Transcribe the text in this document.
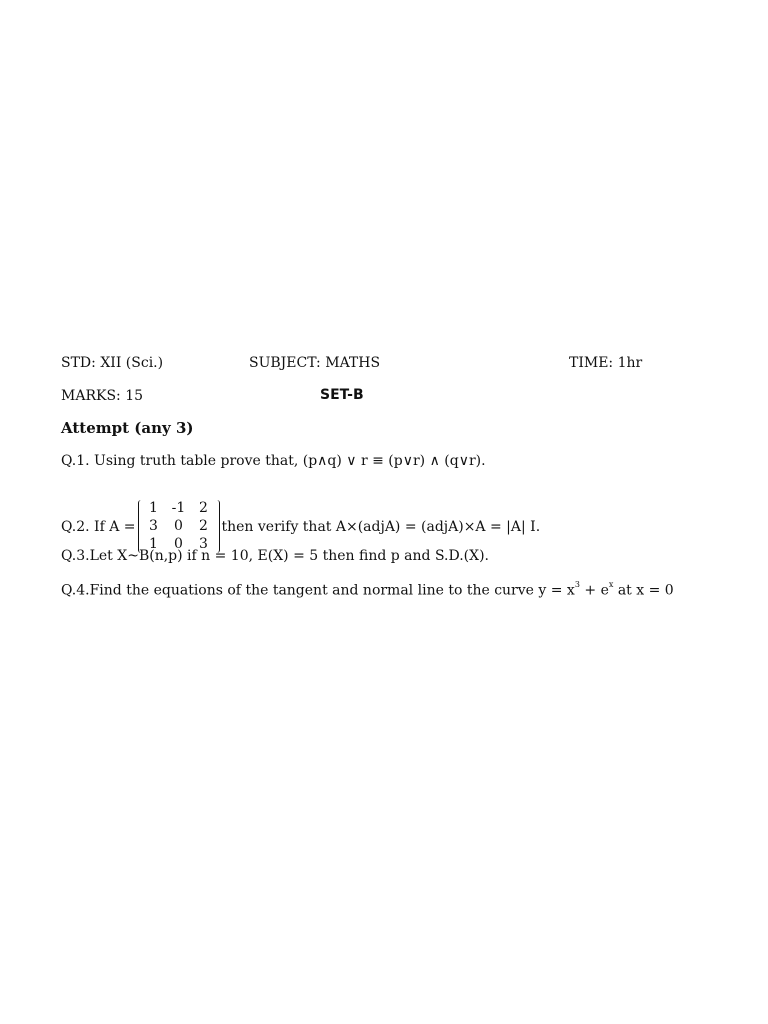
STD: XII (Sci.)	SUBJECT: MATHS	TIME: 1hr
MARKS: 15	SET-B
Attempt (any 3)
Q.1. Using truth table prove that, (p∧q) ∨ r ≡ (p∨r) ∧ (q∨r).
Q.2. If A =
1 -1 2
3	0	2
1	0	3
then verify that A×(adjA) = (adjA)×A = |A| I.
Q.3.Let X~B(n,p) if n = 10, E(X) = 5 then find p and S.D.(X).
Q.4.Find the equations of the tangent and normal line to the curve $y = x^3 + e^x$ at x = 0
